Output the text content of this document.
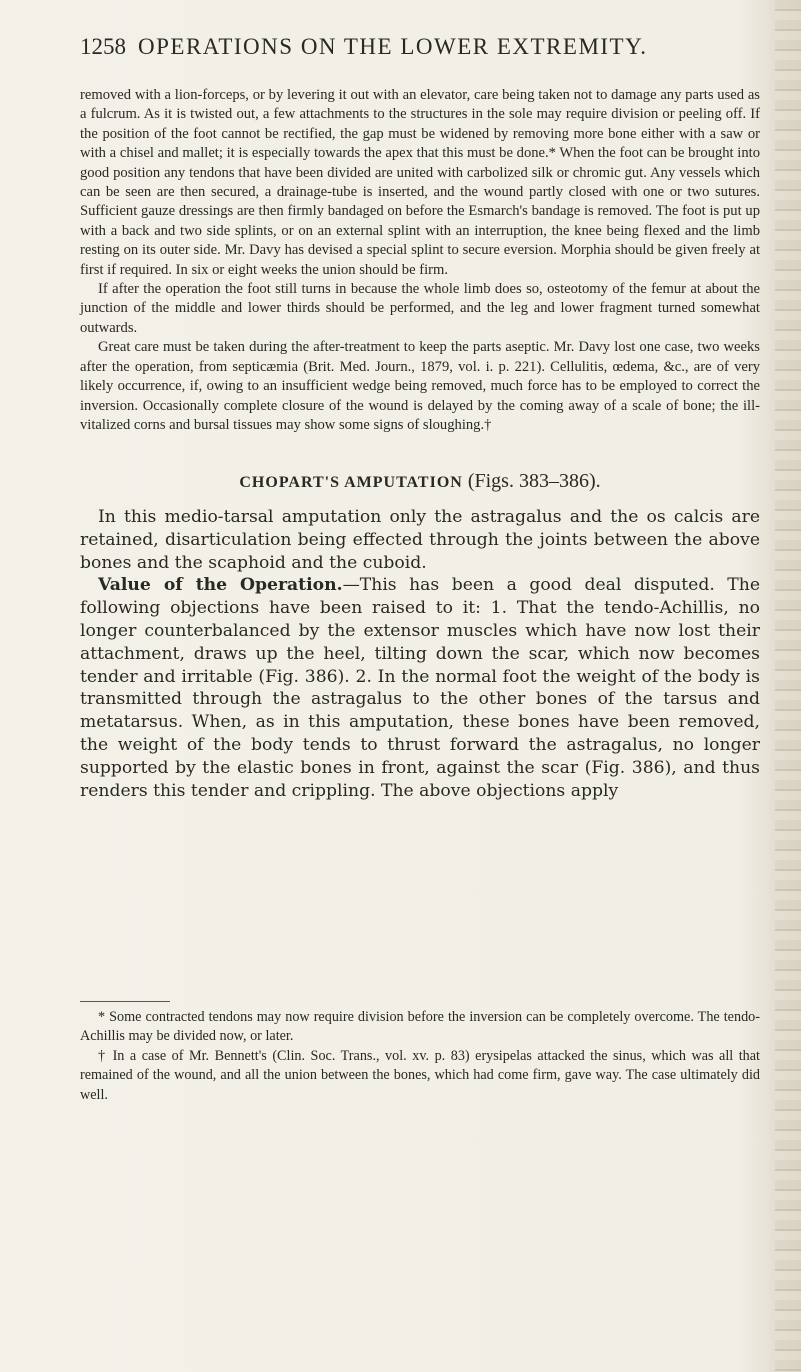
1258 OPERATIONS ON THE LOWER EXTREMITY.

removed with a lion-forceps, or by levering it out with an elevator, care being taken not to damage any parts used as a fulcrum. As it is twisted out, a few attachments to the structures in the sole may require division or peeling off. If the position of the foot cannot be rectified, the gap must be widened by removing more bone either with a saw or with a chisel and mallet; it is especially towards the apex that this must be done.* When the foot can be brought into good position any tendons that have been divided are united with carbolized silk or chromic gut. Any vessels which can be seen are then secured, a drainage-tube is inserted, and the wound partly closed with one or two sutures. Sufficient gauze dressings are then firmly bandaged on before the Esmarch's bandage is removed. The foot is put up with a back and two side splints, or on an external splint with an interruption, the knee being flexed and the limb resting on its outer side. Mr. Davy has devised a special splint to secure eversion. Morphia should be given freely at first if required. In six or eight weeks the union should be firm.

If after the operation the foot still turns in because the whole limb does so, osteotomy of the femur at about the junction of the middle and lower thirds should be performed, and the leg and lower fragment turned somewhat outwards.

Great care must be taken during the after-treatment to keep the parts aseptic. Mr. Davy lost one case, two weeks after the operation, from septicæmia (Brit. Med. Journ., 1879, vol. i. p. 221). Cellulitis, œdema, &c., are of very likely occurrence, if, owing to an insufficient wedge being removed, much force has to be employed to correct the inversion. Occasionally complete closure of the wound is delayed by the coming away of a scale of bone; the ill-vitalized corns and bursal tissues may show some signs of sloughing.†

CHOPART'S AMPUTATION (Figs. 383–386).

In this medio-tarsal amputation only the astragalus and the os calcis are retained, disarticulation being effected through the joints between the above bones and the scaphoid and the cuboid.

Value of the Operation.—This has been a good deal disputed. The following objections have been raised to it: 1. That the tendo-Achillis, no longer counterbalanced by the extensor muscles which have now lost their attachment, draws up the heel, tilting down the scar, which now becomes tender and irritable (Fig. 386). 2. In the normal foot the weight of the body is transmitted through the astragalus to the other bones of the tarsus and metatarsus. When, as in this amputation, these bones have been removed, the weight of the body tends to thrust forward the astragalus, no longer supported by the elastic bones in front, against the scar (Fig. 386), and thus renders this tender and crippling. The above objections apply

* Some contracted tendons may now require division before the inversion can be completely overcome. The tendo-Achillis may be divided now, or later.

† In a case of Mr. Bennett's (Clin. Soc. Trans., vol. xv. p. 83) erysipelas attacked the sinus, which was all that remained of the wound, and all the union between the bones, which had come firm, gave way. The case ultimately did well.
